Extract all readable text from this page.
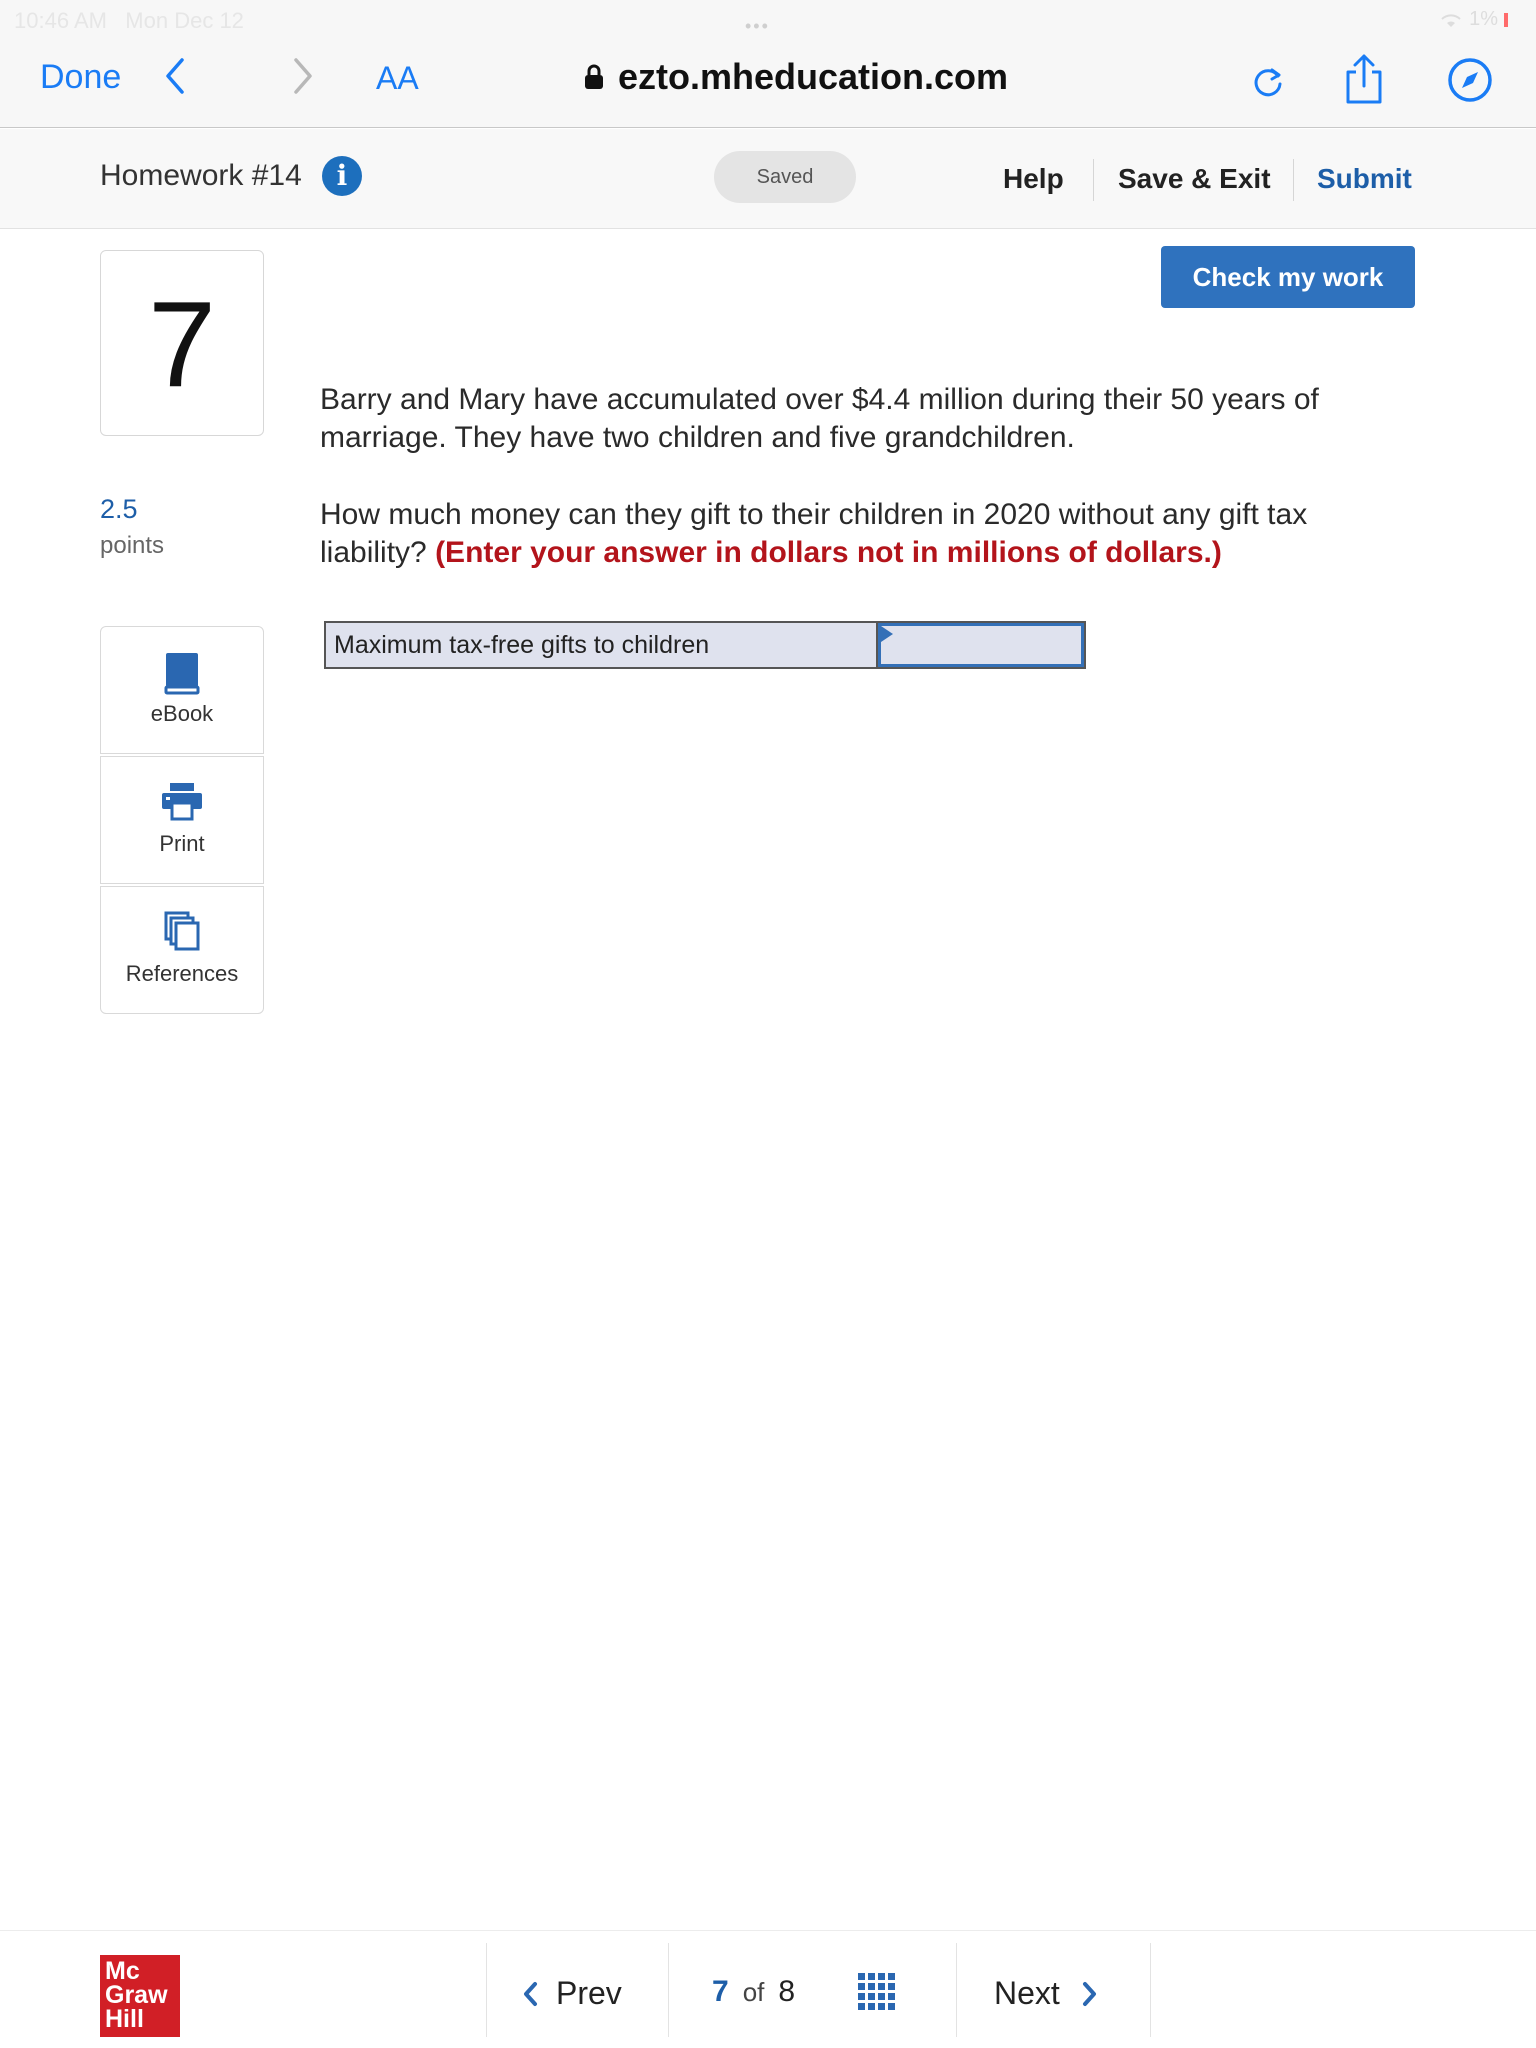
10:46 AM Mon Dec 12	•••	1%
Done	AA	ezto.mheducation.com
Homework #14	i	Saved	Help Save & Exit Submit
7
2.5
points
eBook
Print
References
Check my work
Barry and Mary have accumulated over $4.4 million during their 50 years of marriage. They have two children and five grandchildren.
How much money can they gift to their children in 2020 without any gift tax liability? (Enter your answer in dollars not in millions of dollars.)
Maximum tax-free gifts to children
Mc
Graw
Hill
Prev	7 of 8	Next
